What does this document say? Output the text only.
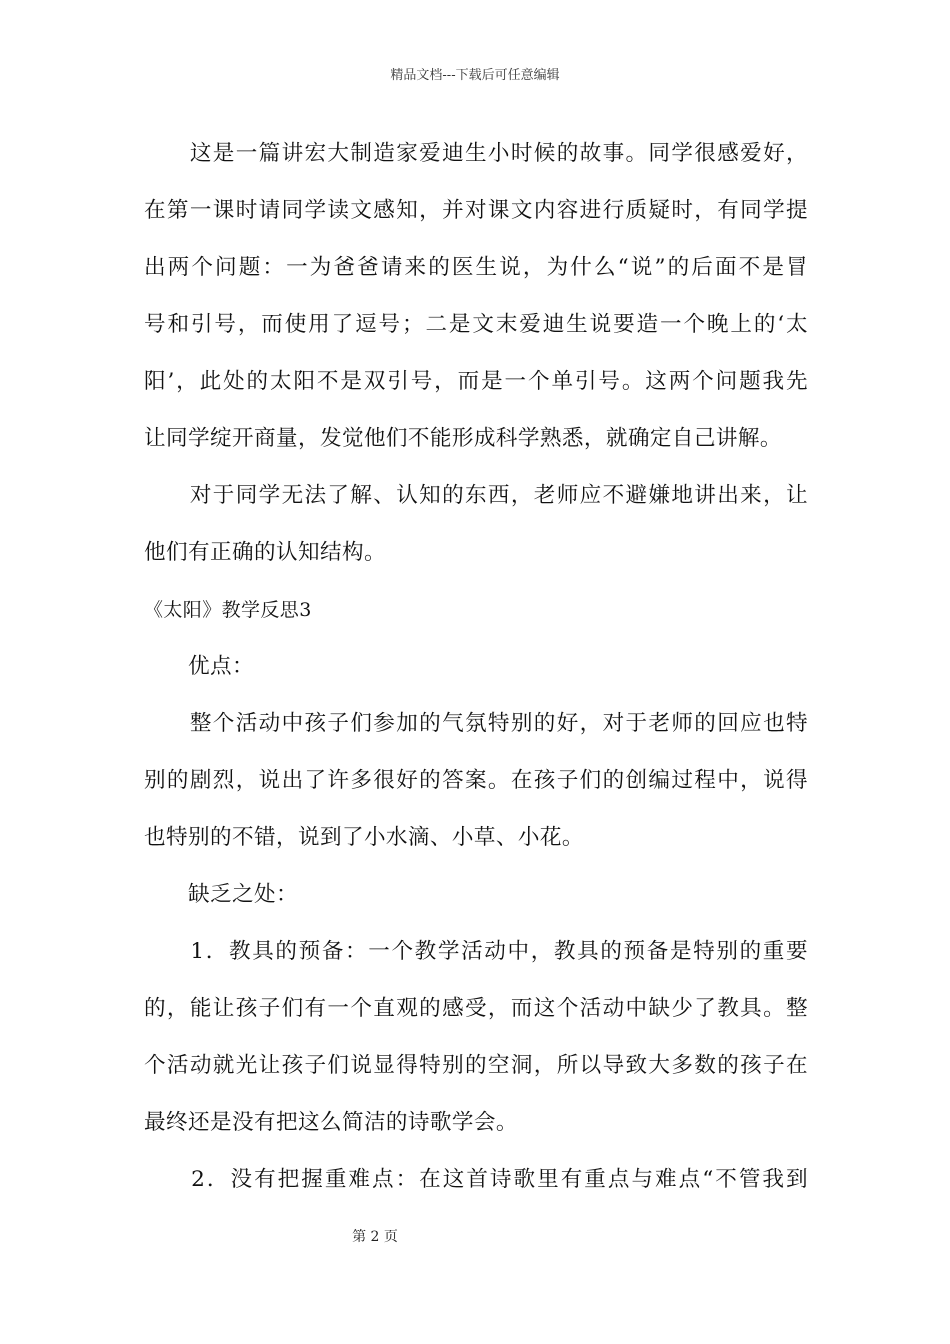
精品文档---下载后可任意编辑
　　这是一篇讲宏大制造家爱迪生小时候的故事。同学很感爱好，
在第一课时请同学读文感知，并对课文内容进行质疑时，有同学提
出两个问题：一为爸爸请来的医生说，为什么“说”的后面不是冒
号和引号，而使用了逗号；二是文末爱迪生说要造一个晚上的‘太
阳’，此处的太阳不是双引号，而是一个单引号。这两个问题我先
让同学绽开商量，发觉他们不能形成科学熟悉，就确定自己讲解。
　　对于同学无法了解、认知的东西，老师应不避嫌地讲出来，让
他们有正确的认知结构。
《太阳》教学反思3
　　优点：
　　整个活动中孩子们参加的气氛特别的好，对于老师的回应也特
别的剧烈，说出了许多很好的答案。在孩子们的创编过程中，说得
也特别的不错，说到了小水滴、小草、小花。
　　缺乏之处：
　　1．教具的预备：一个教学活动中，教具的预备是特别的重要
的，能让孩子们有一个直观的感受，而这个活动中缺少了教具。整
个活动就光让孩子们说显得特别的空洞，所以导致大多数的孩子在
最终还是没有把这么简洁的诗歌学会。
　　2．没有把握重难点：在这首诗歌里有重点与难点“不管我到
第 2 页
